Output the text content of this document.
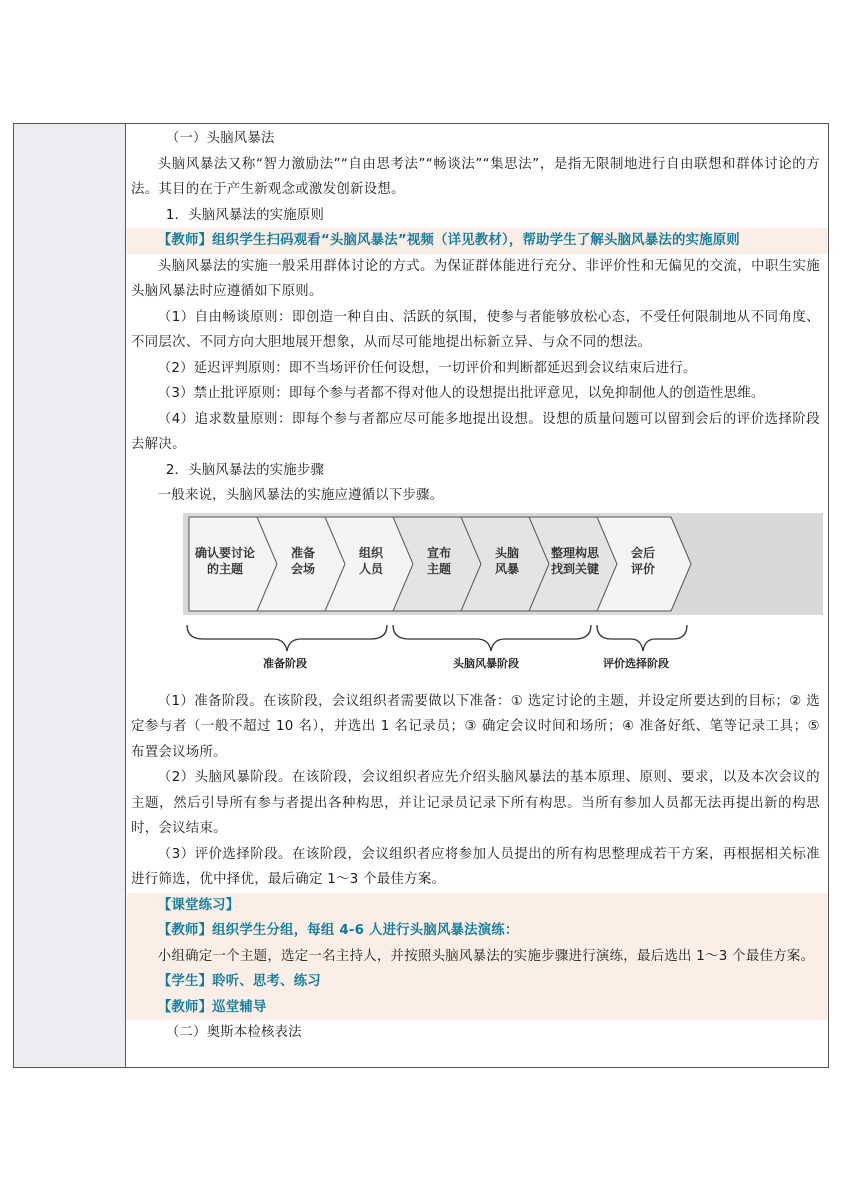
（一）头脑风暴法
头脑风暴法又称“智力激励法”“自由思考法”“畅谈法”“集思法”，是指无限制地进行自由联想和群体讨论的方法。其目的在于产生新观念或激发创新设想。
1．头脑风暴法的实施原则
【教师】组织学生扫码观看“头脑风暴法”视频（详见教材），帮助学生了解头脑风暴法的实施原则
头脑风暴法的实施一般采用群体讨论的方式。为保证群体能进行充分、非评价性和无偏见的交流，中职生实施头脑风暴法时应遵循如下原则。
（1）自由畅谈原则：即创造一种自由、活跃的氛围，使参与者能够放松心态，不受任何限制地从不同角度、不同层次、不同方向大胆地展开想象，从而尽可能地提出标新立异、与众不同的想法。
（2）延迟评判原则：即不当场评价任何设想，一切评价和判断都延迟到会议结束后进行。
（3）禁止批评原则：即每个参与者都不得对他人的设想提出批评意见，以免抑制他人的创造性思维。
（4）追求数量原则：即每个参与者都应尽可能多地提出设想。设想的质量问题可以留到会后的评价选择阶段去解决。
2．头脑风暴法的实施步骤
一般来说，头脑风暴法的实施应遵循以下步骤。
确认要讨论
的主题
准备
会场
组织
人员
宣布
主题
头脑
风暴
整理构思
找到关键
会后
评价
准备阶段	头脑风暴阶段	评价选择阶段
（1）准备阶段。在该阶段，会议组织者需要做以下准备：① 选定讨论的主题，并设定所要达到的目标；② 选定参与者（一般不超过 10 名），并选出 1 名记录员；③ 确定会议时间和场所；④ 准备好纸、笔等记录工具；⑤ 布置会议场所。
（2）头脑风暴阶段。在该阶段，会议组织者应先介绍头脑风暴法的基本原理、原则、要求，以及本次会议的主题，然后引导所有参与者提出各种构思，并让记录员记录下所有构思。当所有参加人员都无法再提出新的构思时，会议结束。
（3）评价选择阶段。在该阶段，会议组织者应将参加人员提出的所有构思整理成若干方案，再根据相关标准进行筛选，优中择优，最后确定 1～3 个最佳方案。
【课堂练习】
【教师】组织学生分组，每组 4-6 人进行头脑风暴法演练：
小组确定一个主题，选定一名主持人，并按照头脑风暴法的实施步骤进行演练，最后选出 1～3 个最佳方案。
【学生】聆听、思考、练习
【教师】巡堂辅导
（二）奥斯本检核表法
